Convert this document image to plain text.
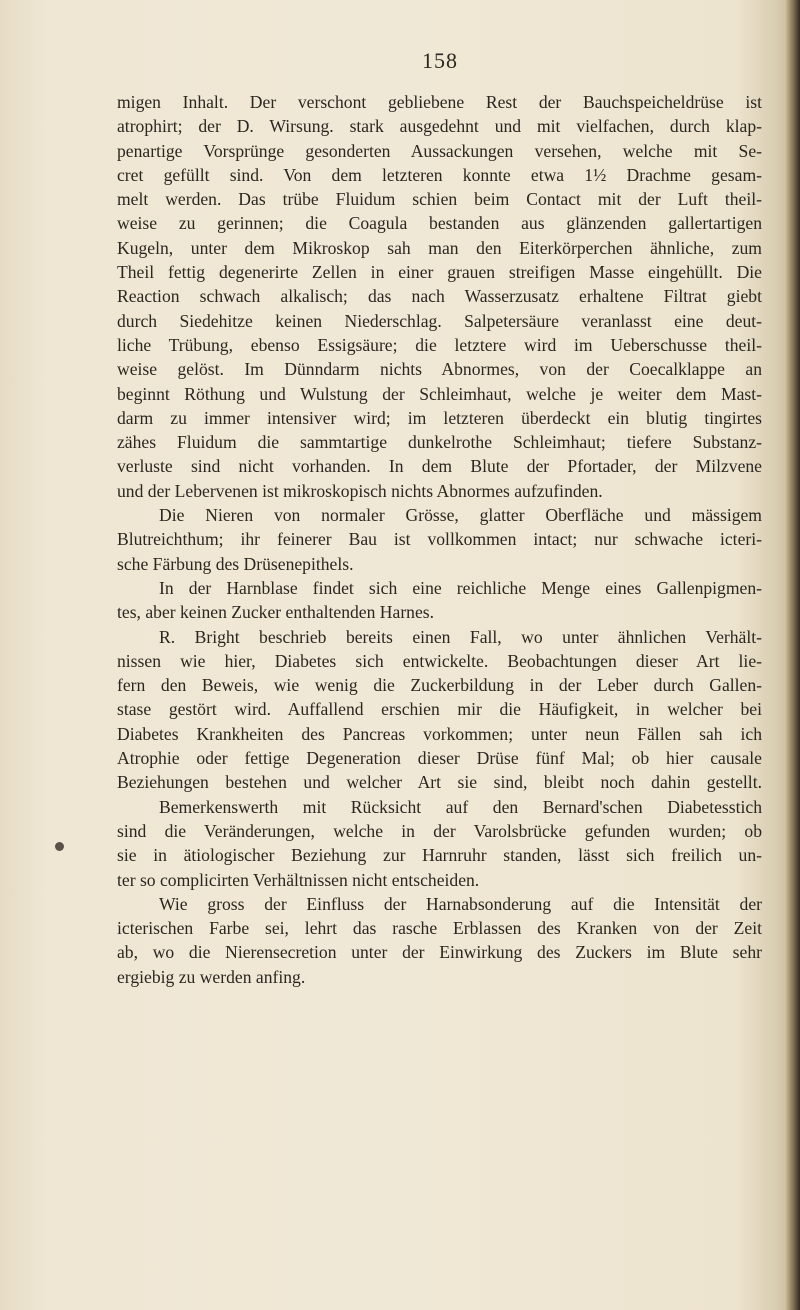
158
migen Inhalt. Der verschont gebliebene Rest der Bauchspeicheldrüse ist
atrophirt; der D. Wirsung. stark ausgedehnt und mit vielfachen, durch klap-
penartige Vorsprünge gesonderten Aussackungen versehen, welche mit Se-
cret gefüllt sind. Von dem letzteren konnte etwa 1½ Drachme gesam-
melt werden. Das trübe Fluidum schien beim Contact mit der Luft theil-
weise zu gerinnen; die Coagula bestanden aus glänzenden gallertartigen
Kugeln, unter dem Mikroskop sah man den Eiterkörperchen ähnliche, zum
Theil fettig degenerirte Zellen in einer grauen streifigen Masse eingehüllt. Die
Reaction schwach alkalisch; das nach Wasserzusatz erhaltene Filtrat giebt
durch Siedehitze keinen Niederschlag. Salpetersäure veranlasst eine deut-
liche Trübung, ebenso Essigsäure; die letztere wird im Ueberschusse theil-
weise gelöst. Im Dünndarm nichts Abnormes, von der Coecalklappe an
beginnt Röthung und Wulstung der Schleimhaut, welche je weiter dem Mast-
darm zu immer intensiver wird; im letzteren überdeckt ein blutig tingirtes
zähes Fluidum die sammtartige dunkelrothe Schleimhaut; tiefere Substanz-
verluste sind nicht vorhanden. In dem Blute der Pfortader, der Milzvene
und der Lebervenen ist mikroskopisch nichts Abnormes aufzufinden.
Die Nieren von normaler Grösse, glatter Oberfläche und mässigem
Blutreichthum; ihr feinerer Bau ist vollkommen intact; nur schwache icteri-
sche Färbung des Drüsenepithels.
In der Harnblase findet sich eine reichliche Menge eines Gallenpigmen-
tes, aber keinen Zucker enthaltenden Harnes.
R. Bright beschrieb bereits einen Fall, wo unter ähnlichen Verhält-
nissen wie hier, Diabetes sich entwickelte. Beobachtungen dieser Art lie-
fern den Beweis, wie wenig die Zuckerbildung in der Leber durch Gallen-
stase gestört wird. Auffallend erschien mir die Häufigkeit, in welcher bei
Diabetes Krankheiten des Pancreas vorkommen; unter neun Fällen sah ich
Atrophie oder fettige Degeneration dieser Drüse fünf Mal; ob hier causale
Beziehungen bestehen und welcher Art sie sind, bleibt noch dahin gestellt.
Bemerkenswerth mit Rücksicht auf den Bernard'schen Diabetesstich
sind die Veränderungen, welche in der Varolsbrücke gefunden wurden; ob
sie in ätiologischer Beziehung zur Harnruhr standen, lässt sich freilich un-
ter so complicirten Verhältnissen nicht entscheiden.
Wie gross der Einfluss der Harnabsonderung auf die Intensität der
icterischen Farbe sei, lehrt das rasche Erblassen des Kranken von der Zeit
ab, wo die Nierensecretion unter der Einwirkung des Zuckers im Blute sehr
ergiebig zu werden anfing.
